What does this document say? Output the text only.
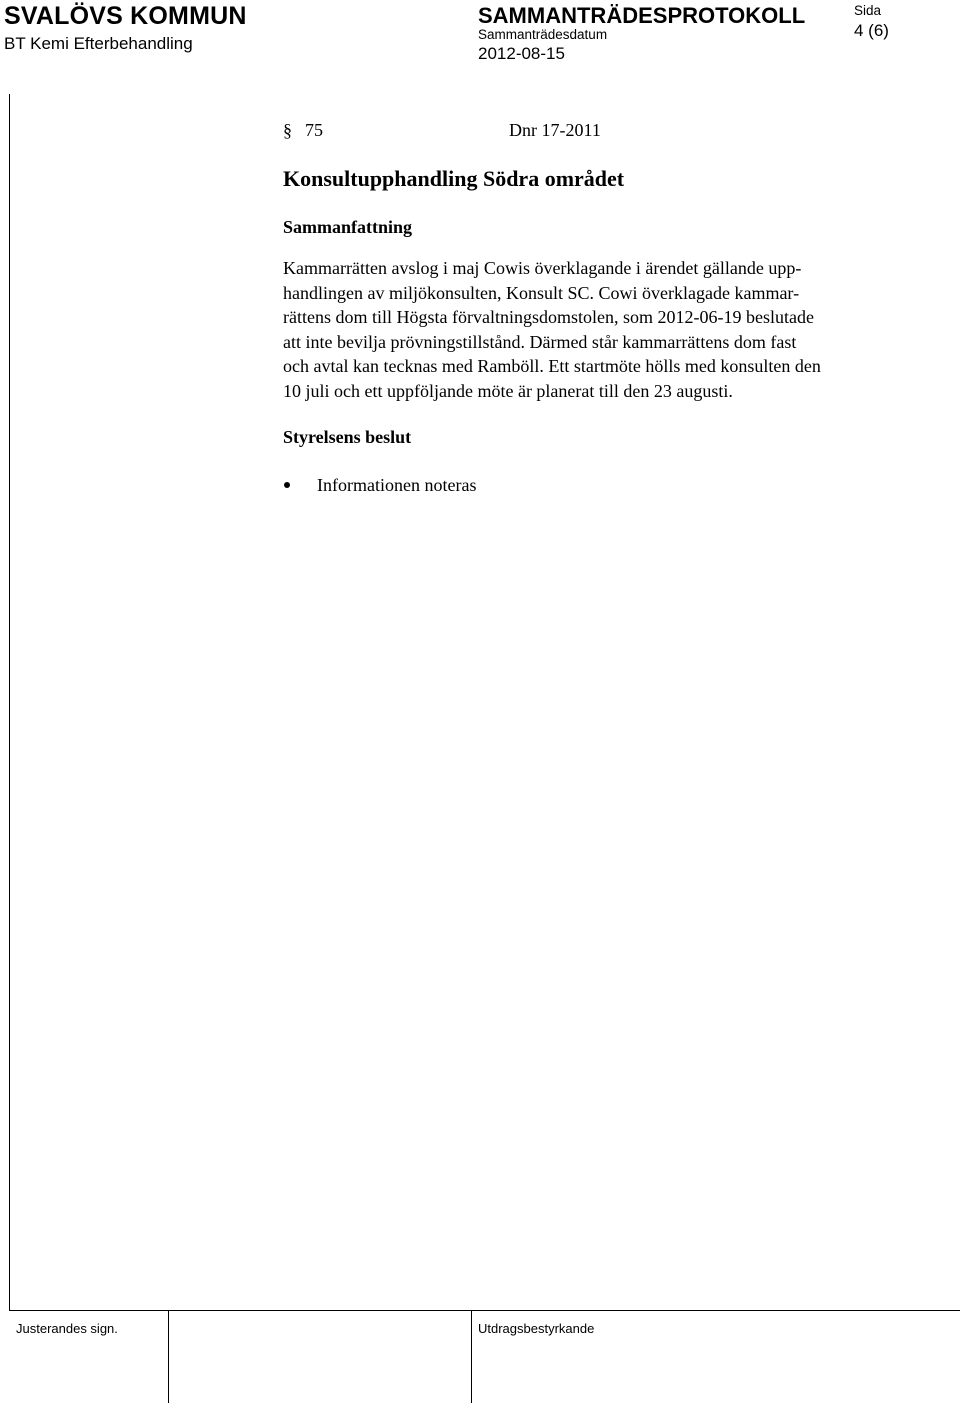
SVALÖVS KOMMUN
BT Kemi Efterbehandling
SAMMANTRÄDESPROTOKOLL
Sammanträdesdatum
2012-08-15
Sida
4 (6)
§ 75	Dnr 17-2011
Konsultupphandling Södra området
Sammanfattning
Kammarrätten avslog i maj Cowis överklagande i ärendet gällande upp-
handlingen av miljökonsulten, Konsult SC. Cowi överklagade kammar-
rättens dom till Högsta förvaltningsdomstolen, som 2012-06-19 beslutade
att inte bevilja prövningstillstånd. Därmed står kammarrättens dom fast
och avtal kan tecknas med Ramböll. Ett startmöte hölls med konsulten den
10 juli och ett uppföljande möte är planerat till den 23 augusti.
Styrelsens beslut
Informationen noteras
Justerandes sign.	Utdragsbestyrkande
